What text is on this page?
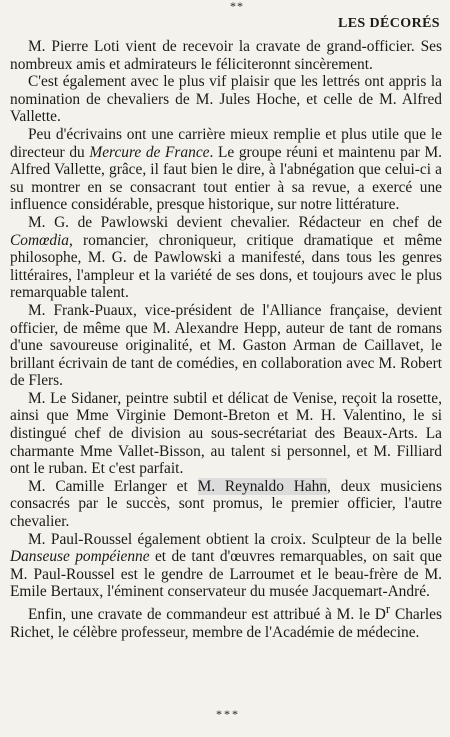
**
LES DÉCORÉS

M. Pierre Loti vient de recevoir la cravate de grand-officier. Ses nombreux amis et admirateurs le féliciteronnt sincèrement.

C'est également avec le plus vif plaisir que les lettrés ont appris la nomination de chevaliers de M. Jules Hoche, et celle de M. Alfred Vallette.

Peu d'écrivains ont une carrière mieux remplie et plus utile que le directeur du Mercure de France. Le groupe réuni et maintenu par M. Alfred Vallette, grâce, il faut bien le dire, à l'abnégation que celui-ci a su montrer en se consacrant tout entier à sa revue, a exercé une influence considérable, presque historique, sur notre littérature.

M. G. de Pawlowski devient chevalier. Rédacteur en chef de Comœdia, romancier, chroniqueur, critique dramatique et même philosophe, M. G. de Pawlowski a manifesté, dans tous les genres littéraires, l'ampleur et la variété de ses dons, et toujours avec le plus remarquable talent.

M. Frank-Puaux, vice-président de l'Alliance française, devient officier, de même que M. Alexandre Hepp, auteur de tant de romans d'une savoureuse originalité, et M. Gaston Arman de Caillavet, le brillant écrivain de tant de comédies, en collaboration avec M. Robert de Flers.

M. Le Sidaner, peintre subtil et délicat de Venise, reçoit la rosette, ainsi que Mme Virginie Demont-Breton et M. H. Valentino, le si distingué chef de division au sous-secrétariat des Beaux-Arts. La charmante Mme Vallet-Bisson, au talent si personnel, et M. Filliard ont le ruban. Et c'est parfait.

M. Camille Erlanger et M. Reynaldo Hahn, deux musiciens consacrés par le succès, sont promus, le premier officier, l'autre chevalier.

M. Paul-Roussel également obtient la croix. Sculpteur de la belle Danseuse pompéienne et de tant d'œuvres remarquables, on sait que M. Paul-Roussel est le gendre de Larroumet et le beau-frère de M. Emile Bertaux, l'éminent conservateur du musée Jacquemart-André.

Enfin, une cravate de commandeur est attribué à M. le $D^r$ Charles Richet, le célèbre professeur, membre de l'Académie de médecine.

***
